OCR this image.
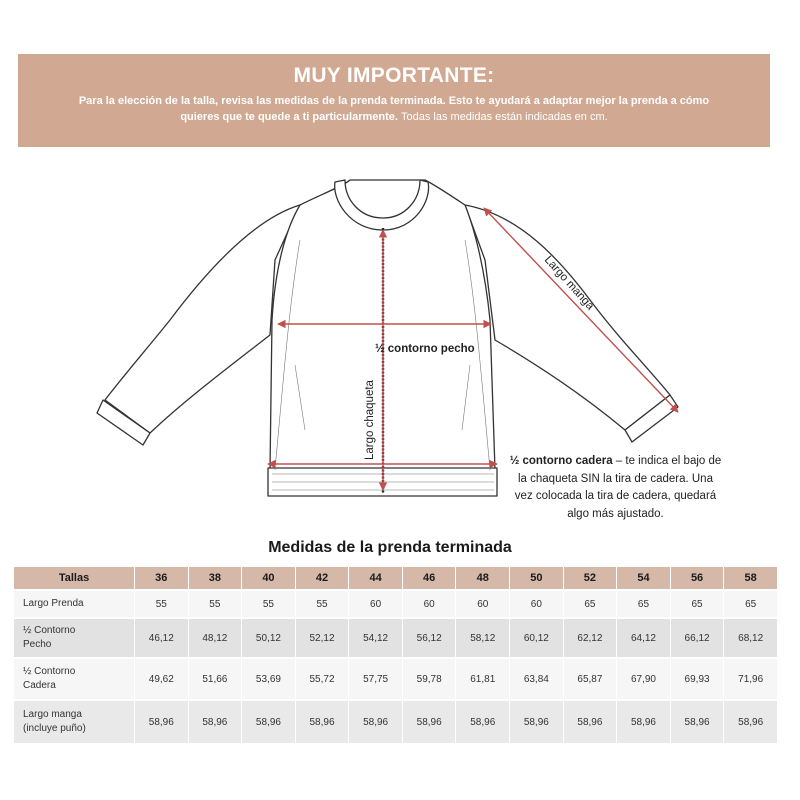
MUY IMPORTANTE:

Para la elección de la talla, revisa las medidas de la prenda terminada. Esto te ayudará a adaptar mejor la prenda a cómo quieres que te quede a ti particularmente. Todas las medidas están indicadas en cm.

½ contorno pecho
Largo chaqueta
Largo manga
½ contorno cadera – te indica el bajo de la chaqueta SIN la tira de cadera. Una vez colocada la tira de cadera, quedará algo más ajustado.
Medidas de la prenda terminada
Tallas	36	38	40	42	44	46	48	50	52	54	56	58
Largo Prenda	55	55	55	55	60	60	60	60	65	65	65	65
½ Contorno
Pecho	46,12	48,12	50,12	52,12	54,12	56,12	58,12	60,12	62,12	64,12	66,12	68,12
½ Contorno
Cadera	49,62	51,66	53,69	55,72	57,75	59,78	61,81	63,84	65,87	67,90	69,93	71,96
Largo manga
(incluye puño)	58,96	58,96	58,96	58,96	58,96	58,96	58,96	58,96	58,96	58,96	58,96	58,96
